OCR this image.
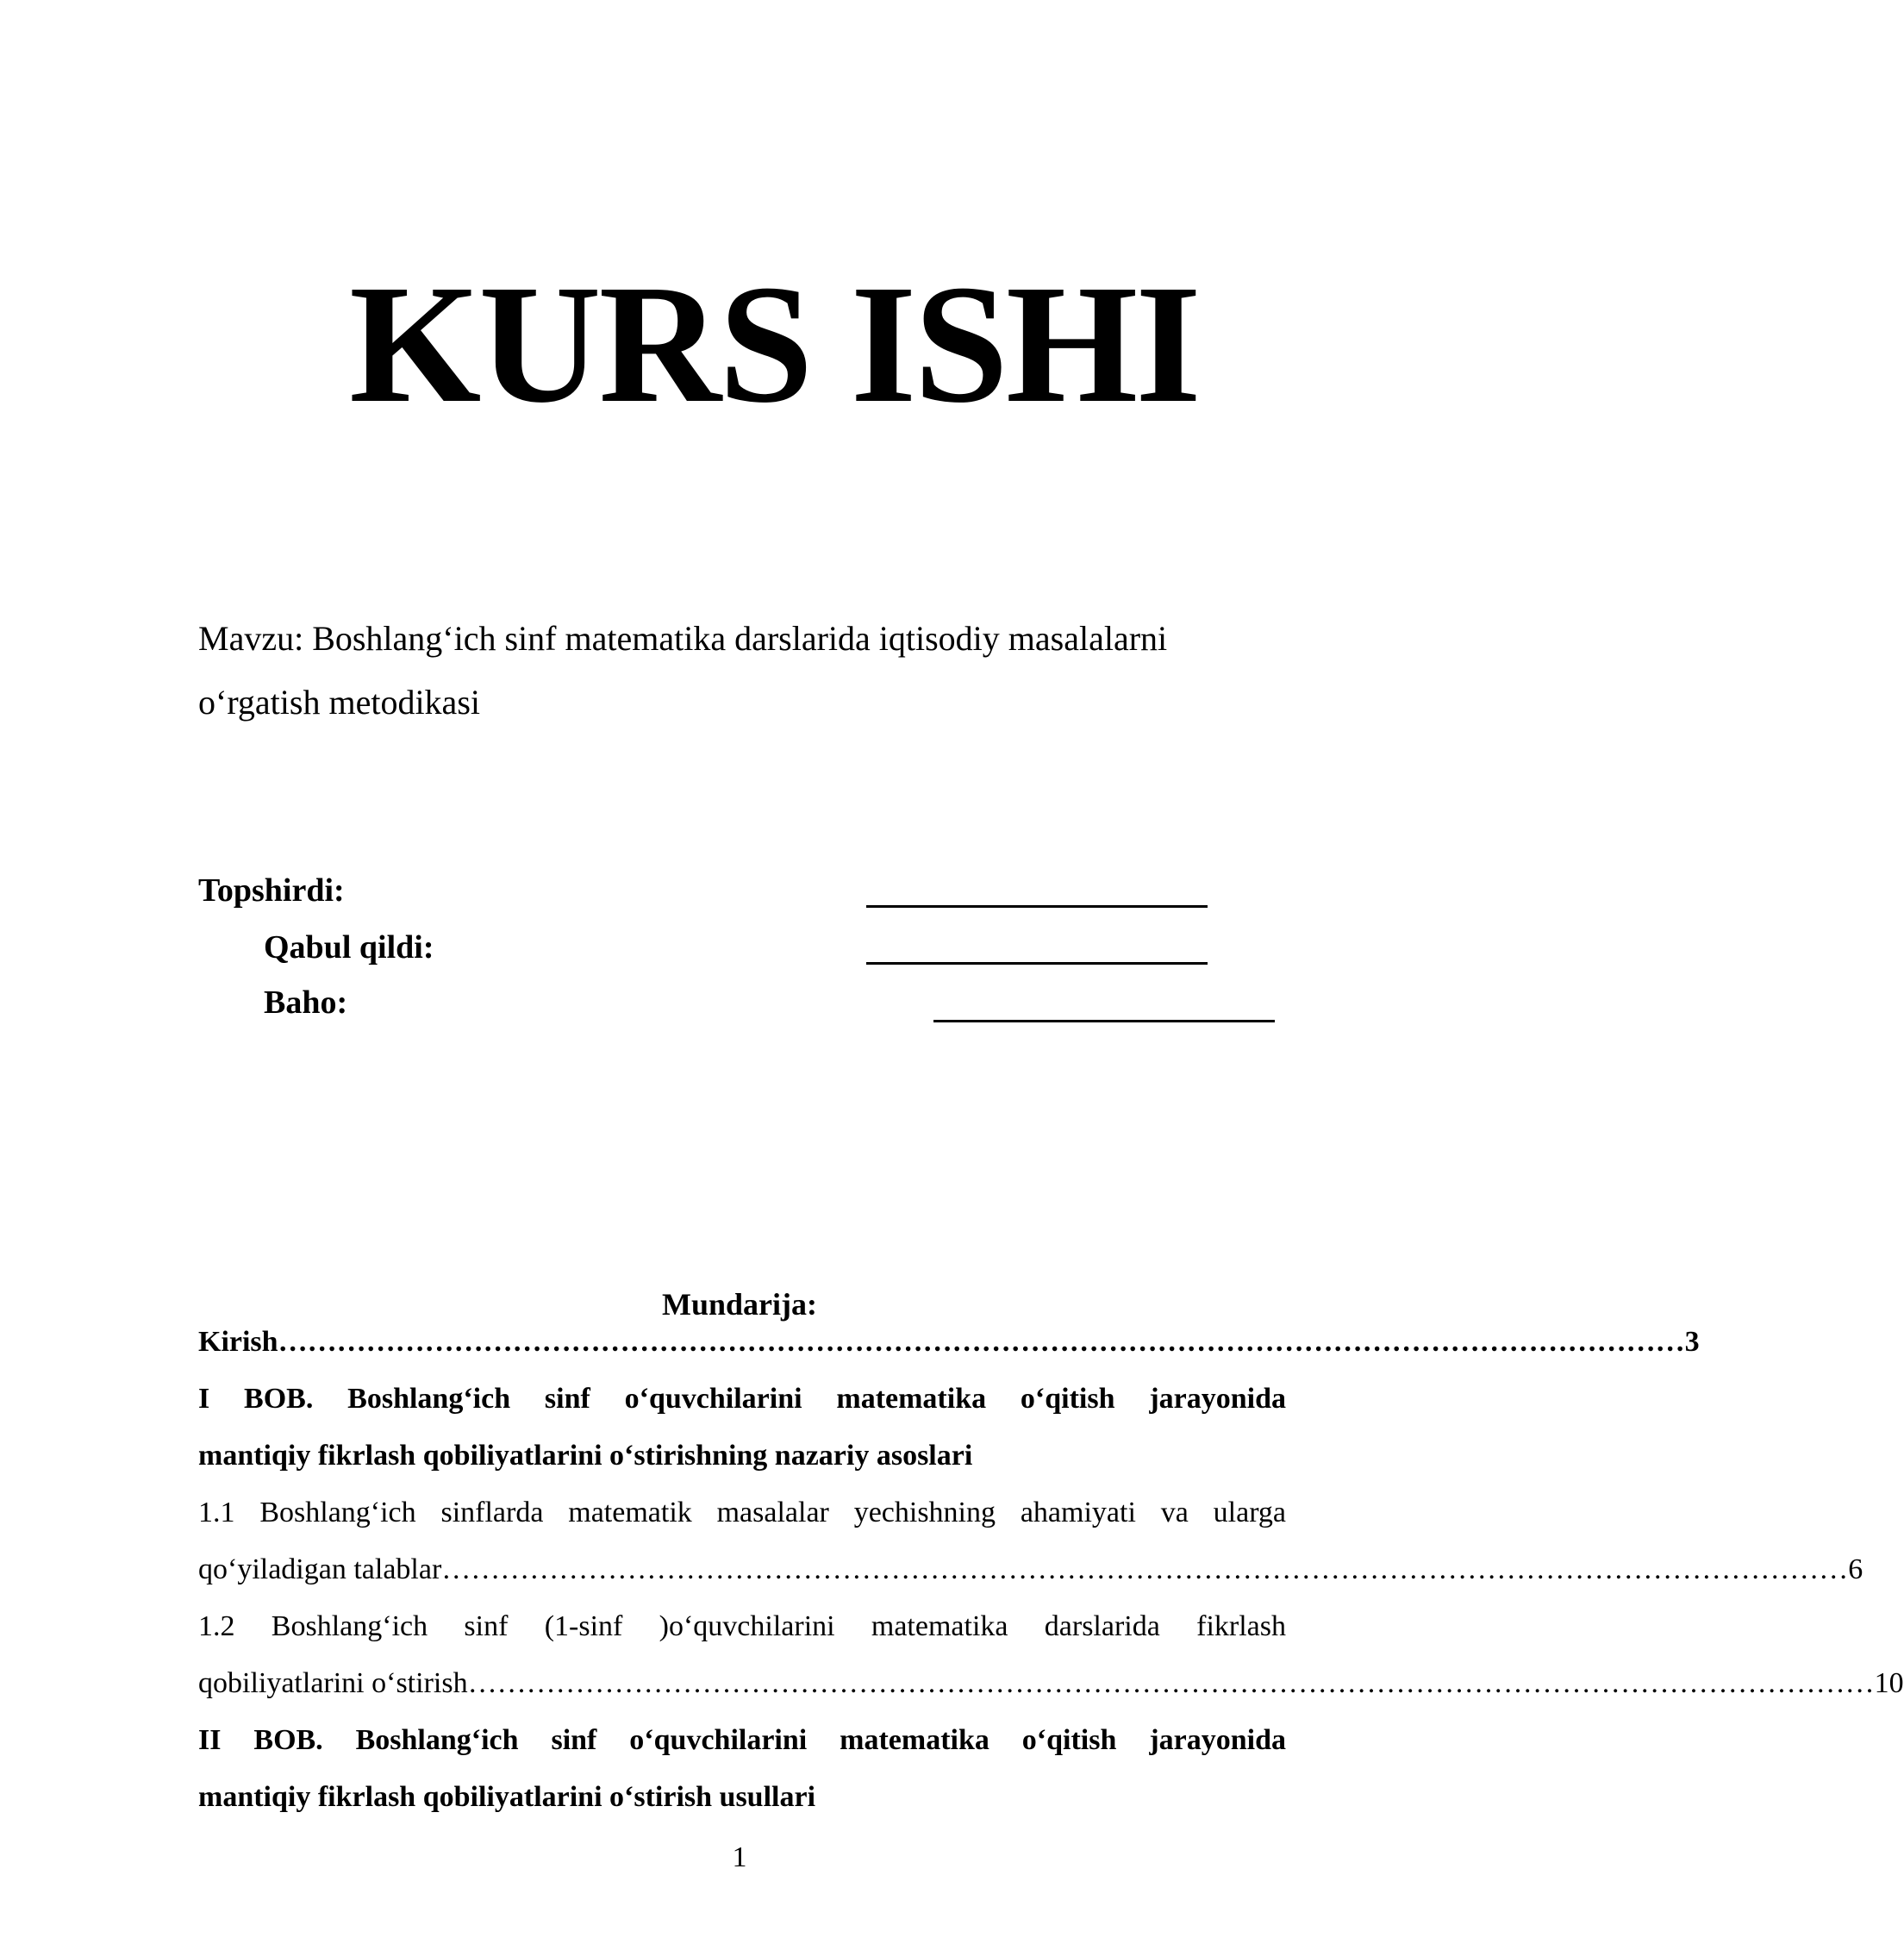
KURS ISHI
Mavzu: Boshlang‘ich sinf matematika darslarida iqtisodiy masalalarni
o‘rgatish metodikasi
Topshirdi:
Qabul qildi:
Baho:
Mundarija:
Kirish ……………………………………………………………………………………………………………………………… 3
I BOB. Boshlang‘ich sinf o‘quvchilarini matematika o‘qitish jarayonida
mantiqiy fikrlash qobiliyatlarini o‘stirishning nazariy asoslari
1.1 Boshlang‘ich sinflarda matematik masalalar yechishning ahamiyati va ularga
qo‘yiladigan talablar ……………………………………………………………………………………………………………………………… 6
1.2 Boshlang‘ich sinf (1-sinf )o‘quvchilarini matematika darslarida fikrlash
qobiliyatlarini o‘stirish ……………………………………………………………………………………………………………………………… 10
II BOB. Boshlang‘ich sinf o‘quvchilarini matematika o‘qitish jarayonida
mantiqiy fikrlash qobiliyatlarini o‘stirish usullari
1
